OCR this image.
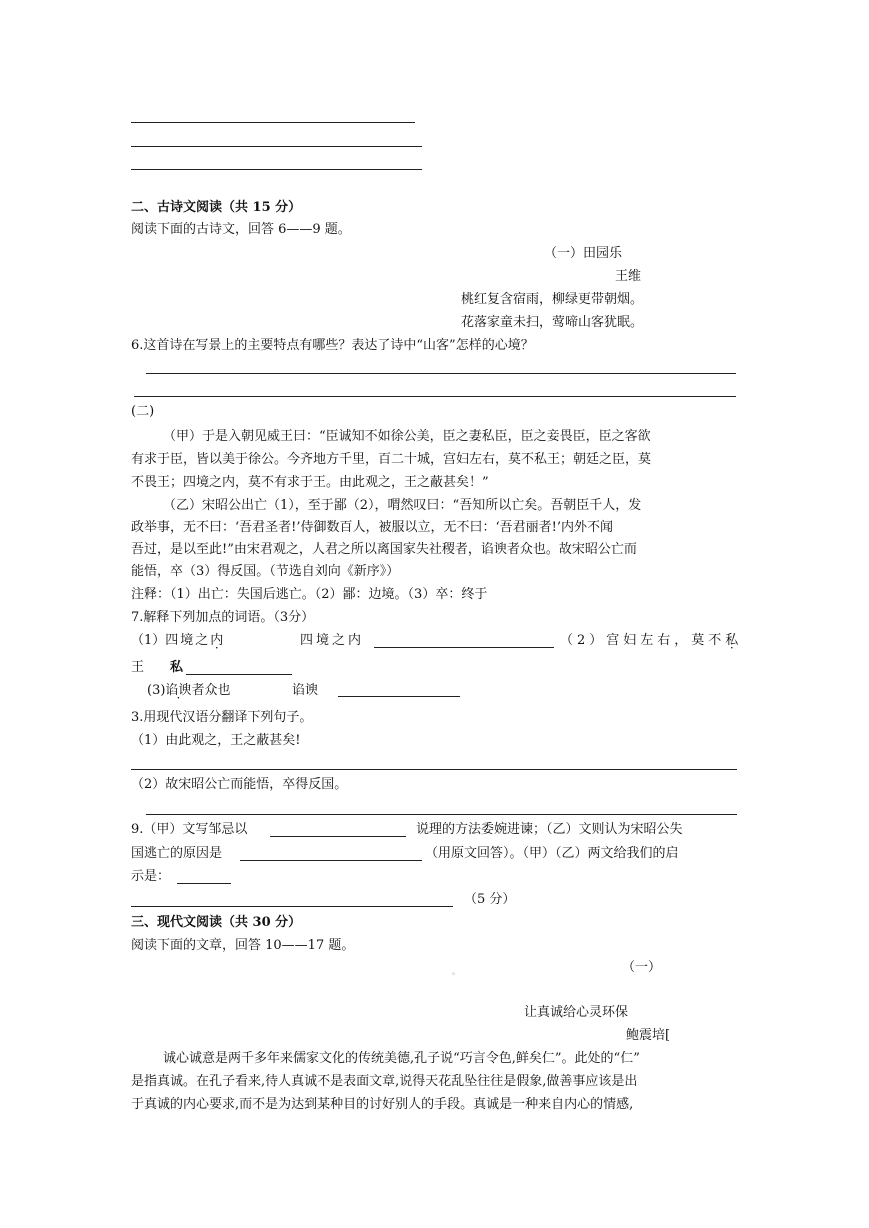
二、古诗文阅读（共 15 分）
阅读下面的古诗文，回答 6——9 题。
（一）田园乐
王维
桃红复含宿雨，柳绿更带朝烟。
花落家童未扫，莺啼山客犹眠。
6.这首诗在写景上的主要特点有哪些？表达了诗中“山客”怎样的心境？
(二)
（甲）于是入朝见威王曰：“臣诚知不如徐公美，臣之妻私臣，臣之妾畏臣，臣之客欲
有求于臣，皆以美于徐公。今齐地方千里，百二十城，宫妇左右，莫不私王；朝廷之臣，莫
不畏王；四境之内，莫不有求于王。由此观之，王之蔽甚矣！”
（乙）宋昭公出亡（1），至于鄙（2），喟然叹曰：“吾知所以亡矣。吾朝臣千人，发
政举事，无不曰：‘吾君圣者!’侍御数百人，被服以立，无不曰：‘吾君丽者!’内外不闻
吾过，是以至此!”由宋君观之，人君之所以离国家失社稷者，谄谀者众也。故宋昭公亡而
能悟，卒（3）得反国。（节选自刘向《新序》）
注释：（1）出亡：失国后逃亡。（2）鄙：边境。（3）卒：终于
7.解释下列加点的词语。（3分）
（1）四境之内	四境之内	（2）宫妇左右，莫不私
王 私
(3)谄谀者众也	谄谀
3.用现代汉语分翻译下列句子。
（1）由此观之，王之蔽甚矣!
（2）故宋昭公亡而能悟，卒得反国。
9.（甲）文写邹忌以	说理的方法委婉进谏；（乙）文则认为宋昭公失
国逃亡的原因是	（用原文回答）。（甲）（乙）两文给我们的启
示是：
（5 分）
三、现代文阅读（共 30 分）
阅读下面的文章，回答 10——17 题。
。	（一）
让真诚给心灵环保
鲍震培[
诚心诚意是两千多年来儒家文化的传统美德,孔子说“巧言令色,鲜矣仁”。此处的“仁”
是指真诚。在孔子看来,待人真诚不是表面文章,说得天花乱坠往往是假象,做善事应该是出
于真诚的内心要求,而不是为达到某种目的讨好别人的手段。真诚是一种来自内心的情感,
